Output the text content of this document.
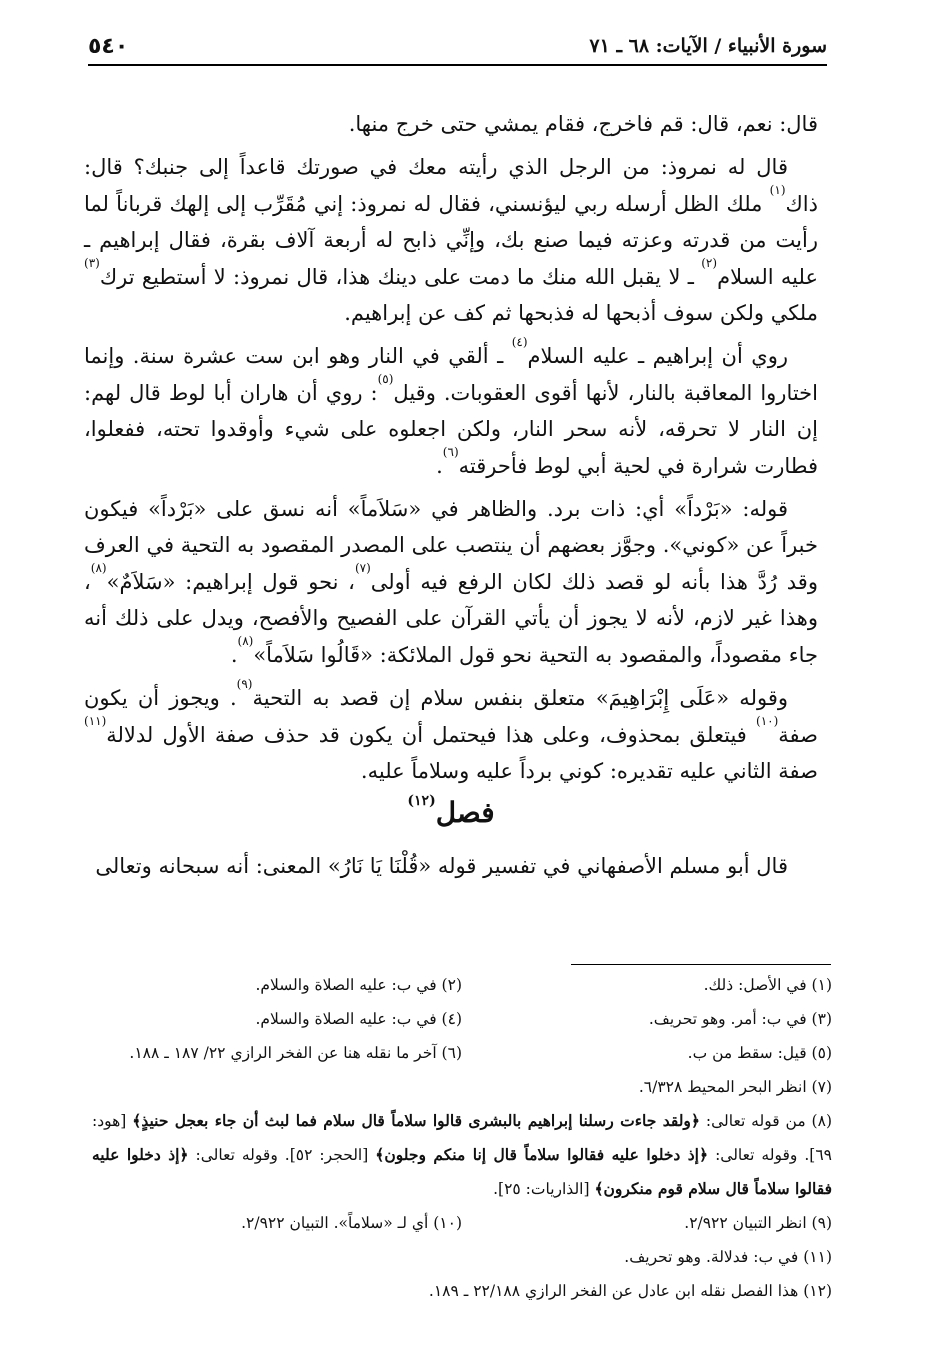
سورة الأنبياء / الآيات: ٦٨ ـ ٧١
٥٤٠

قال: نعم، قال: قم فاخرج، فقام يمشي حتى خرج منها.

قال له نمروذ: من الرجل الذي رأيته معك في صورتك قاعداً إلى جنبك؟ قال: ذاك$^{(١)}$ ملك الظل أرسله ربي ليؤنسني، فقال له نمروذ: إني مُقَرِّب إلى إلهك قرباناً لما رأيت من قدرته وعزته فيما صنع بك، وإنِّي ذابح له أربعة آلاف بقرة، فقال إبراهيم ـ عليه السلام$^{(٢)}$ ـ لا يقبل الله منك ما دمت على دينك هذا، قال نمروذ: لا أستطيع ترك$^{(٣)}$ ملكي ولكن سوف أذبحها له فذبحها ثم كف عن إبراهيم.

روي أن إبراهيم ـ عليه السلام$^{(٤)}$ ـ ألقي في النار وهو ابن ست عشرة سنة. وإنما اختاروا المعاقبة بالنار، لأنها أقوى العقوبات. وقيل$^{(٥)}$: روي أن هاران أبا لوط قال لهم: إن النار لا تحرقه، لأنه سحر النار، ولكن اجعلوه على شيء وأوقدوا تحته، ففعلوا، فطارت شرارة في لحية أبي لوط فأحرقته$^{(٦)}$.

قوله: «بَرْداً» أي: ذات برد. والظاهر في «سَلاَماً» أنه نسق على «بَرْداً» فيكون خبراً عن «كوني». وجوَّز بعضهم أن ينتصب على المصدر المقصود به التحية في العرف وقد رُدَّ هذا بأنه لو قصد ذلك لكان الرفع فيه أولى$^{(٧)}$، نحو قول إبراهيم: «سَلاَمٌ»$^{(٨)}$، وهذا غير لازم، لأنه لا يجوز أن يأتي القرآن على الفصيح والأفصح، ويدل على ذلك أنه جاء مقصوداً، والمقصود به التحية نحو قول الملائكة: «قَالُوا سَلاَماً»$^{(٨)}$.

وقوله «عَلَى إِبْرَاهِيمَ» متعلق بنفس سلام إن قصد به التحية$^{(٩)}$. ويجوز أن يكون صفة$^{(١٠)}$ فيتعلق بمحذوف، وعلى هذا فيحتمل أن يكون قد حذف صفة الأول لدلالة$^{(١١)}$ صفة الثاني عليه تقديره: كوني برداً عليه وسلاماً عليه.

فصل$^{(١٢)}$

قال أبو مسلم الأصفهاني في تفسير قوله «قُلْنَا يَا نَارُ» المعنى: أنه سبحانه وتعالى

(١) في الأصل: ذلك.
(٢) في ب: عليه الصلاة والسلام.
(٣) في ب: أمر. وهو تحريف.
(٤) في ب: عليه الصلاة والسلام.
(٥) قيل: سقط من ب.
(٦) آخر ما نقله هنا عن الفخر الرازي ٢٢/ ١٨٧ ـ ١٨٨.
(٧) انظر البحر المحيط ٦/٣٢٨.
(٨) من قوله تعالى: ﴿ولقد جاءت رسلنا إبراهيم بالبشرى قالوا سلاماً قال سلام فما لبث أن جاء بعجل حنيذٍ﴾ [هود: ٦٩]. وقوله تعالى: ﴿إذ دخلوا عليه فقالوا سلاماً قال إنا منكم وجلون﴾ [الحجر: ٥٢]. وقوله تعالى: ﴿إذ دخلوا عليه فقالوا سلاماً قال سلام قوم منكرون﴾ [الذاريات: ٢٥].
(٩) انظر التبيان ٢/٩٢٢.
(١٠) أي لـ «سلاماً». التبيان ٢/٩٢٢.
(١١) في ب: فدلالة. وهو تحريف.
(١٢) هذا الفصل نقله ابن عادل عن الفخر الرازي ٢٢/١٨٨ ـ ١٨٩.
